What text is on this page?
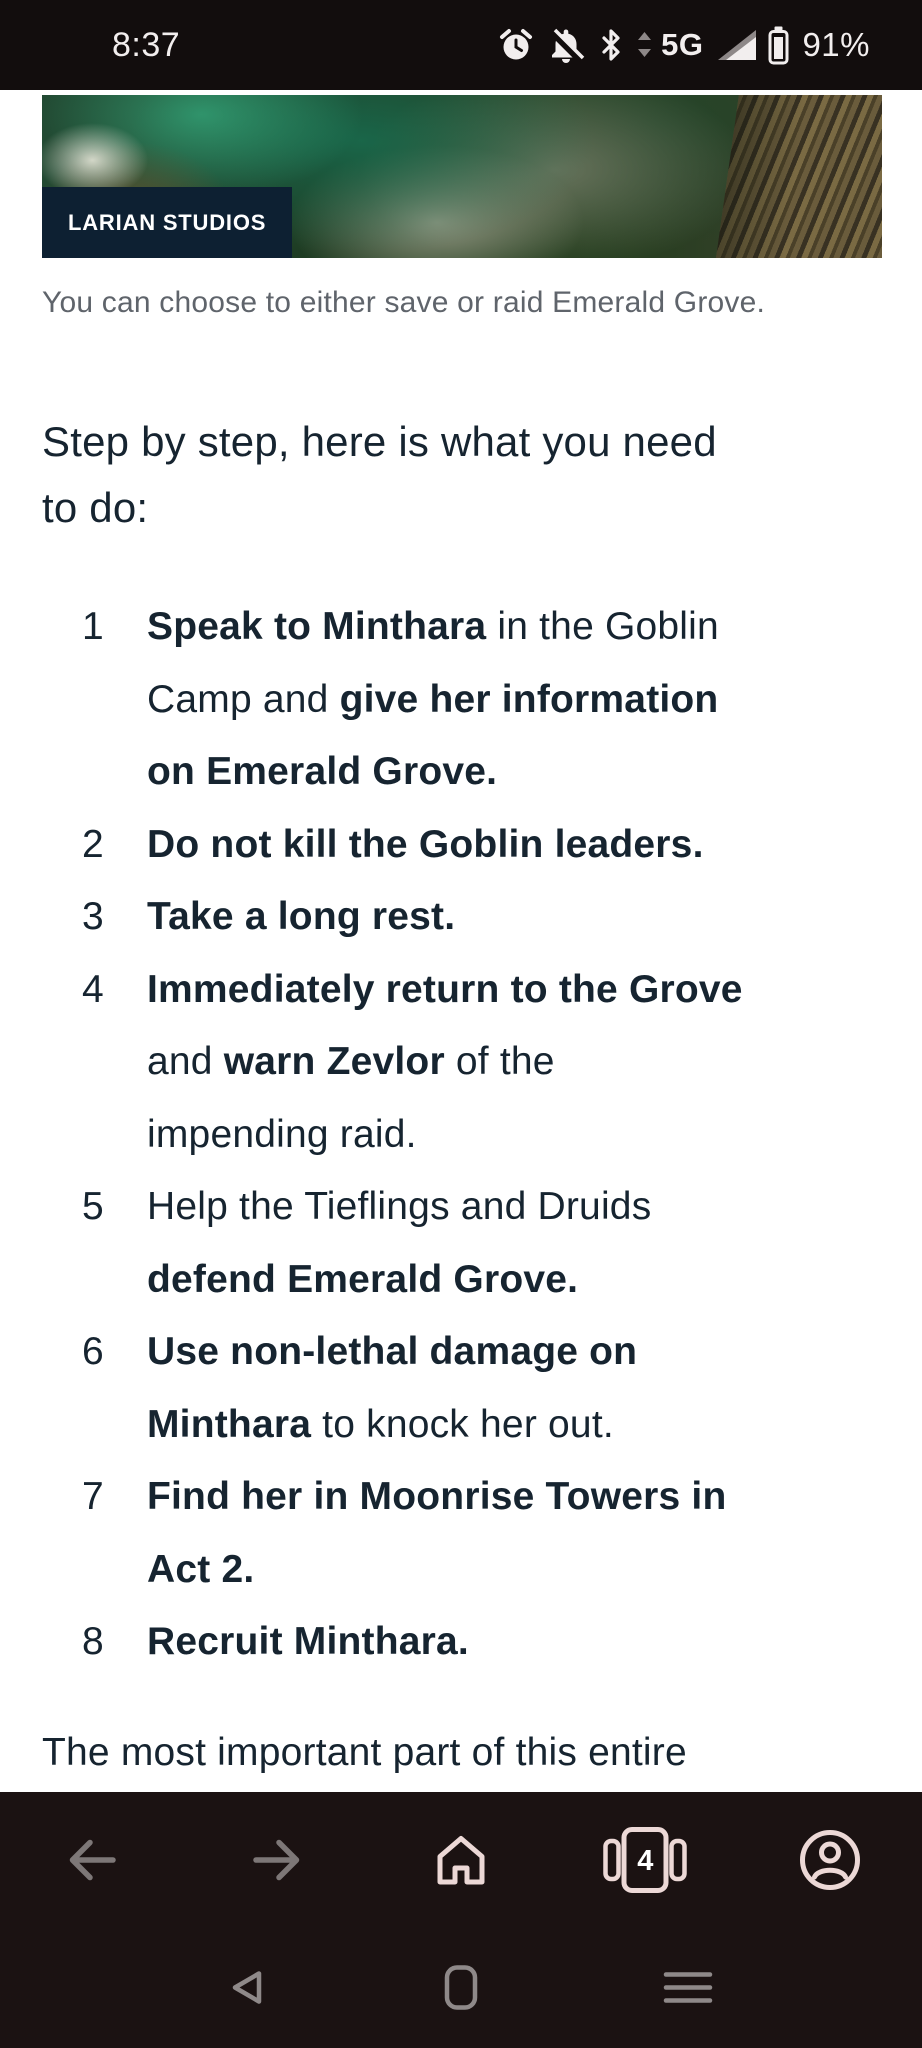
8:37	5G	91%
LARIAN STUDIOS
You can choose to either save or raid Emerald Grove.
Step by step, here is what you need
to do:
1 Speak to Minthara in the Goblin
Camp and give her information
on Emerald Grove.
2 Do not kill the Goblin leaders.
3 Take a long rest.
4 Immediately return to the Grove
and warn Zevlor of the
impending raid.
5 Help the Tieflings and Druids
defend Emerald Grove.
6 Use non-lethal damage on
Minthara to knock her out.
7 Find her in Moonrise Towers in
Act 2.
8 Recruit Minthara.
The most important part of this entire
4
